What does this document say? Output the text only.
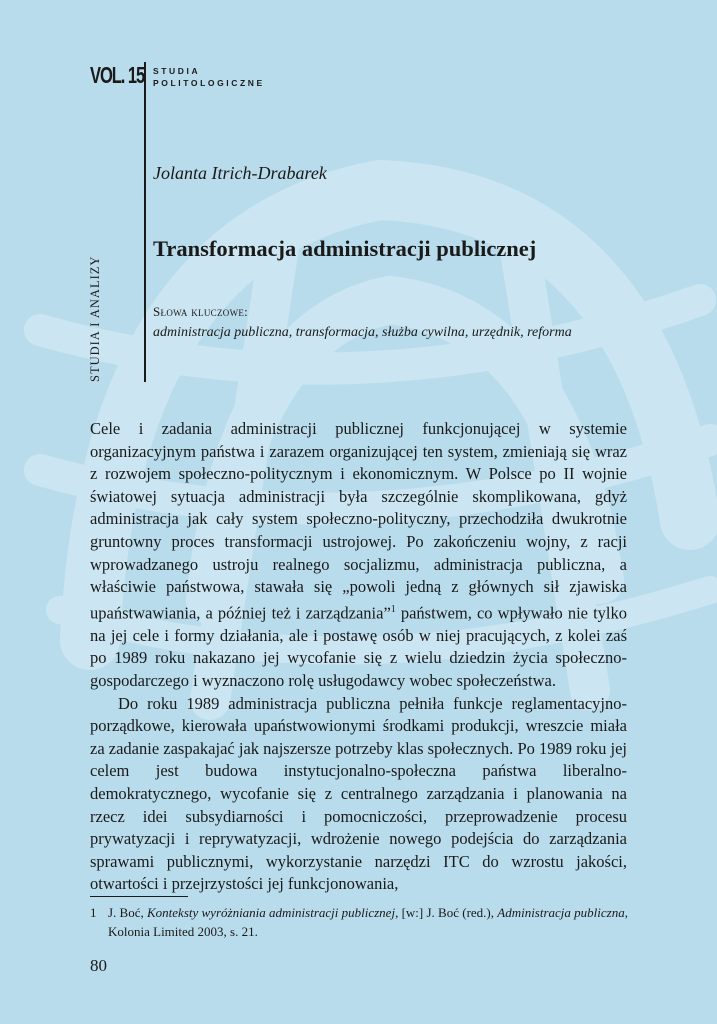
VOL. 15 STUDIA
POLITOLOGICZNE
STUDIA I ANALIZY
Jolanta Itrich-Drabarek
Transformacja administracji publicznej
Słowa kluczowe:
administracja publiczna, transformacja, służba cywilna, urzędnik, reforma

Cele i zadania administracji publicznej funkcjonującej w systemie organizacyjnym państwa i zarazem organizującej ten system, zmieniają się wraz z rozwojem społeczno-politycznym i ekonomicznym. W Polsce po II wojnie światowej sytuacja administracji była szczególnie skomplikowana, gdyż administracja jak cały system społeczno-polityczny, przechodziła dwukrotnie gruntowny proces transformacji ustrojowej. Po zakończeniu wojny, z racji wprowadzanego ustroju realnego socjalizmu, administracja publiczna, a właściwie państwowa, stawała się „powoli jedną z głównych sił zjawiska upaństwawiania, a później też i zarządzania”$^1$ państwem, co wpływało nie tylko na jej cele i formy działania, ale i postawę osób w niej pracujących, z kolei zaś po 1989 roku nakazano jej wycofanie się z wielu dziedzin życia społeczno-gospodarczego i wyznaczono rolę usługodawcy wobec społeczeństwa.

Do roku 1989 administracja publiczna pełniła funkcje reglamentacyjno-porządkowe, kierowała upaństwowionymi środkami produkcji, wreszcie miała za zadanie zaspakajać jak najszersze potrzeby klas społecznych. Po 1989 roku jej celem jest budowa instytucjonalno-społeczna państwa liberalno-demokratycznego, wycofanie się z centralnego zarządzania i planowania na rzecz idei subsydiarności i pomocniczości, przeprowadzenie procesu prywatyzacji i reprywatyzacji, wdrożenie nowego podejścia do zarządzania sprawami publicznymi, wykorzystanie narzędzi ITC do wzrostu jakości, otwartości i przejrzystości jej funkcjonowania,

1 J. Boć, Konteksty wyróżniania administracji publicznej, [w:] J. Boć (red.), Administracja publiczna, Kolonia Limited 2003, s. 21.
80
